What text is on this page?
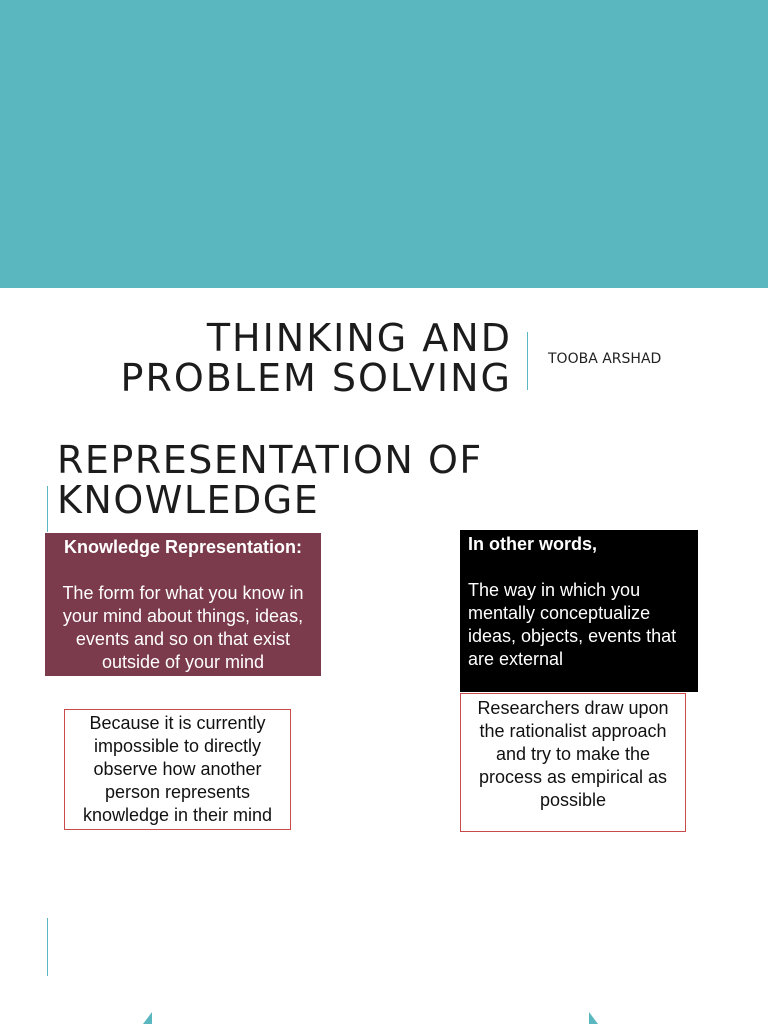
THINKING AND
PROBLEM SOLVING	TOOBA ARSHAD
REPRESENTATION OF
KNOWLEDGE
Knowledge Representation:
The form for what you know in your mind about things, ideas, events and so on that exist outside of your mind
In other words,
The way in which you mentally conceptualize ideas, objects, events that are external
Because it is currently impossible to directly observe how another person represents knowledge in their mind
Researchers draw upon the rationalist approach and try to make the process as empirical as possible
